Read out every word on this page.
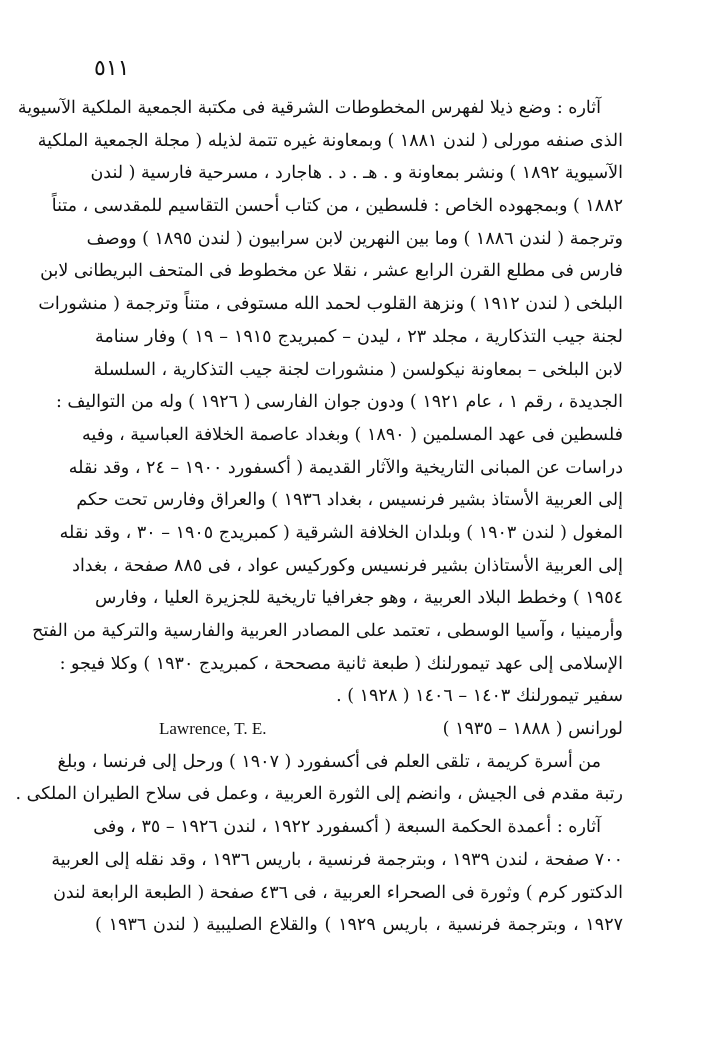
٥١١
آثاره : وضع ذيلا لفهرس المخطوطات الشرقية فى مكتبة الجمعية الملكية الآسيوية
الذى صنفه مورلى ( لندن ١٨٨١ ) وبمعاونة غيره تتمة لذيله ( مجلة الجمعية الملكية
الآسيوية ١٨٩٢ ) ونشر بمعاونة و . هـ . د . هاجارد ، مسرحية فارسية ( لندن
١٨٨٢ ) وبمجهوده الخاص : فلسطين ، من كتاب أحسن التقاسيم للمقدسى ، متناً
وترجمة ( لندن ١٨٨٦ ) وما بين النهرين لابن سرابيون ( لندن ١٨٩٥ ) ووصف
فارس فى مطلع القرن الرابع عشر ، نقلا عن مخطوط فى المتحف البريطانى لابن
البلخى ( لندن ١٩١٢ ) ونزهة القلوب لحمد الله مستوفى ، متناً وترجمة ( منشورات
لجنة جيب التذكارية ، مجلد ٢٣ ، ليدن – كمبريدج ١٩١٥ – ١٩ ) وفار سنامة
لابن البلخى – بمعاونة نيكولسن ( منشورات لجنة جيب التذكارية ، السلسلة
الجديدة ، رقم ١ ، عام ١٩٢١ ) ودون جوان الفارسى ( ١٩٢٦ ) وله من التواليف :
فلسطين فى عهد المسلمين ( ١٨٩٠ ) وبغداد عاصمة الخلافة العباسية ، وفيه
دراسات عن المبانى التاريخية والآثار القديمة ( أكسفورد ١٩٠٠ – ٢٤ ، وقد نقله
إلى العربية الأستاذ بشير فرنسيس ، بغداد ١٩٣٦ ) والعراق وفارس تحت حكم
المغول ( لندن ١٩٠٣ ) وبلدان الخلافة الشرقية ( كمبريدج ١٩٠٥ – ٣٠ ، وقد نقله
إلى العربية الأستاذان بشير فرنسيس وكوركيس عواد ، فى ٨٨٥ صفحة ، بغداد
١٩٥٤ ) وخطط البلاد العربية ، وهو جغرافيا تاريخية للجزيرة العليا ، وفارس
وأرمينيا ، وآسيا الوسطى ، تعتمد على المصادر العربية والفارسية والتركية من الفتح
الإسلامى إلى عهد تيمورلنك ( طبعة ثانية مصححة ، كمبريدج ١٩٣٠ ) وكلا فيجو :
سفير تيمورلنك ١٤٠٣ – ١٤٠٦ ( ١٩٢٨ ) .
لورانس ( ١٨٨٨ – ١٩٣٥ )
Lawrence, T. E.
من أسرة كريمة ، تلقى العلم فى أكسفورد ( ١٩٠٧ ) ورحل إلى فرنسا ، وبلغ
رتبة مقدم فى الجيش ، وانضم إلى الثورة العربية ، وعمل فى سلاح الطيران الملكى .
آثاره : أعمدة الحكمة السبعة ( أكسفورد ١٩٢٢ ، لندن ١٩٢٦ – ٣٥ ، وفى
٧٠٠ صفحة ، لندن ١٩٣٩ ، وبترجمة فرنسية ، باريس ١٩٣٦ ، وقد نقله إلى العربية
الدكتور كرم ) وثورة فى الصحراء العربية ، فى ٤٣٦ صفحة ( الطبعة الرابعة لندن
١٩٢٧ ، وبترجمة فرنسية ، باريس ١٩٢٩ ) والقلاع الصليبية ( لندن ١٩٣٦ )
